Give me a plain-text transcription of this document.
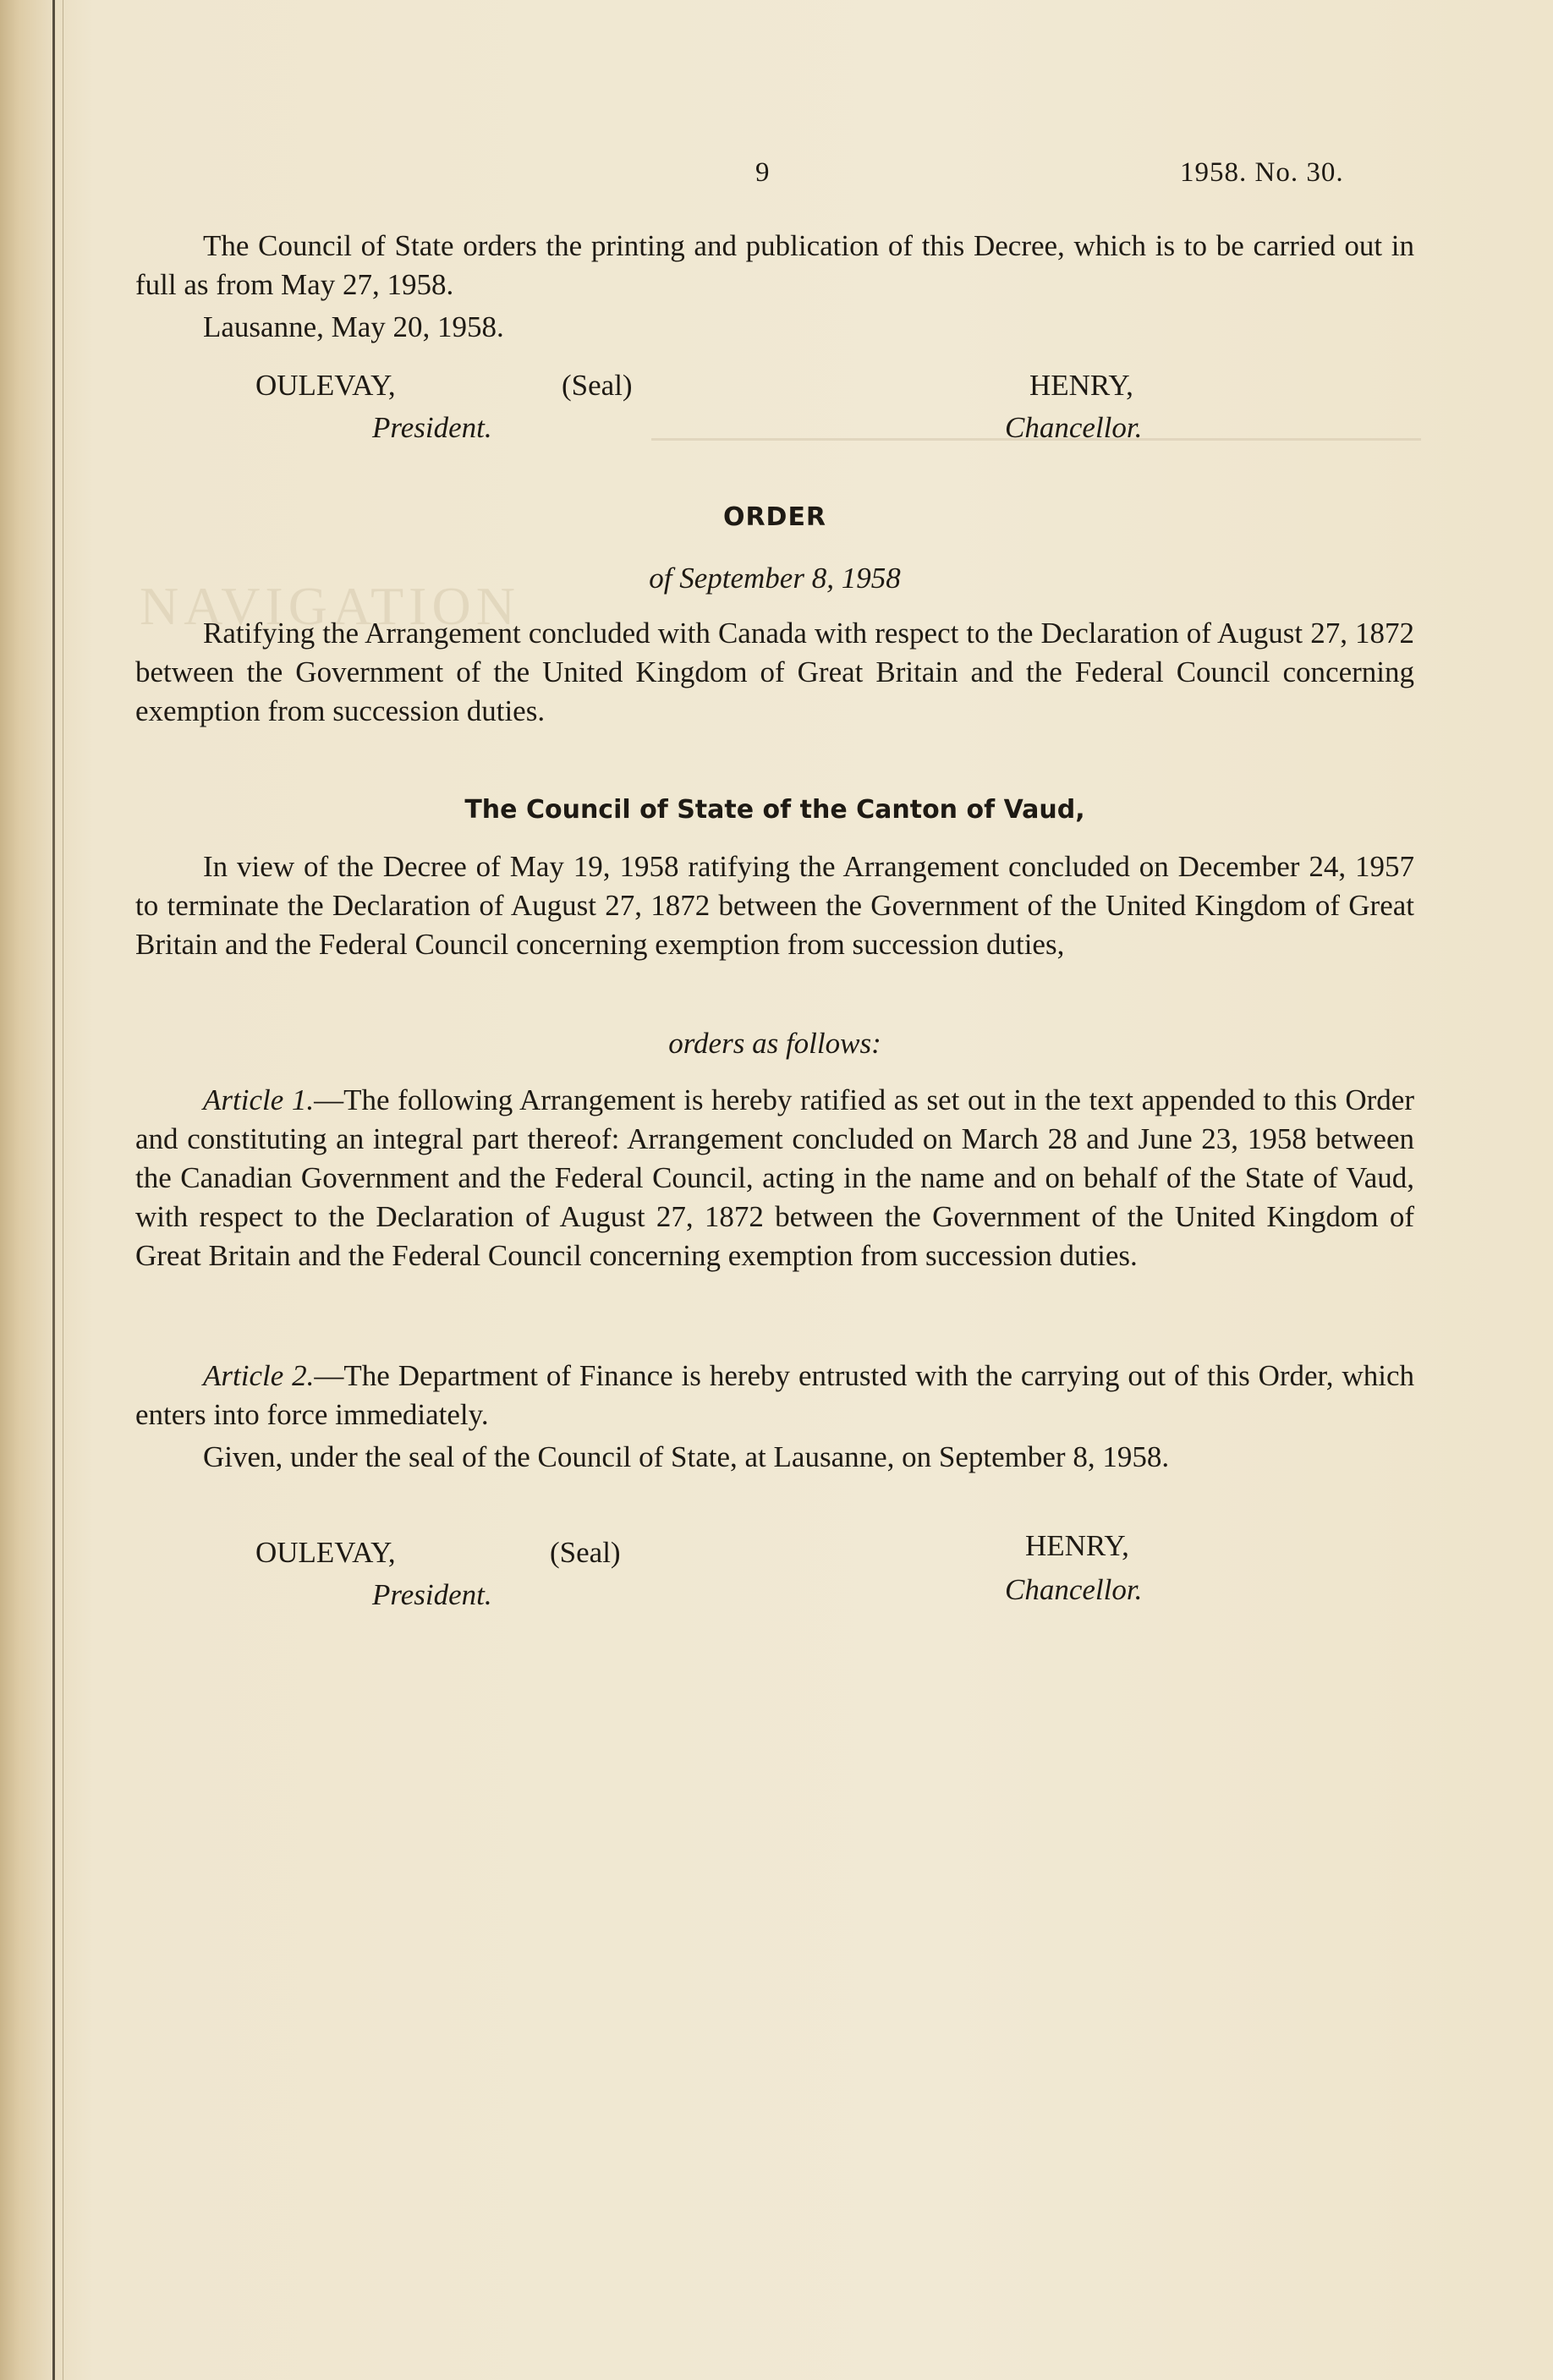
NAVIGATION
9	1958. No. 30.
The Council of State orders the printing and publication of this Decree, which is to be carried out in full as from May 27, 1958.
Lausanne, May 20, 1958.
OULEVAY,	(Seal)	HENRY,
President.	Chancellor.
ORDER
of September 8, 1958
Ratifying the Arrangement concluded with Canada with respect to the Declaration of August 27, 1872 between the Government of the United Kingdom of Great Britain and the Federal Council concerning exemption from succession duties.
The Council of State of the Canton of Vaud,
In view of the Decree of May 19, 1958 ratifying the Arrangement concluded on December 24, 1957 to terminate the Declaration of August 27, 1872 between the Government of the United Kingdom of Great Britain and the Federal Council concerning exemption from succession duties,
orders as follows:
Article 1.—The following Arrangement is hereby ratified as set out in the text appended to this Order and constituting an integral part thereof: Arrangement concluded on March 28 and June 23, 1958 between the Canadian Government and the Federal Council, acting in the name and on behalf of the State of Vaud, with respect to the Declaration of August 27, 1872 between the Government of the United Kingdom of Great Britain and the Federal Council concerning exemption from succession duties.
Article 2.—The Department of Finance is hereby entrusted with the carrying out of this Order, which enters into force immediately.
Given, under the seal of the Council of State, at Lausanne, on September 8, 1958.
OULEVAY,	(Seal)	HENRY,
President.	Chancellor.
